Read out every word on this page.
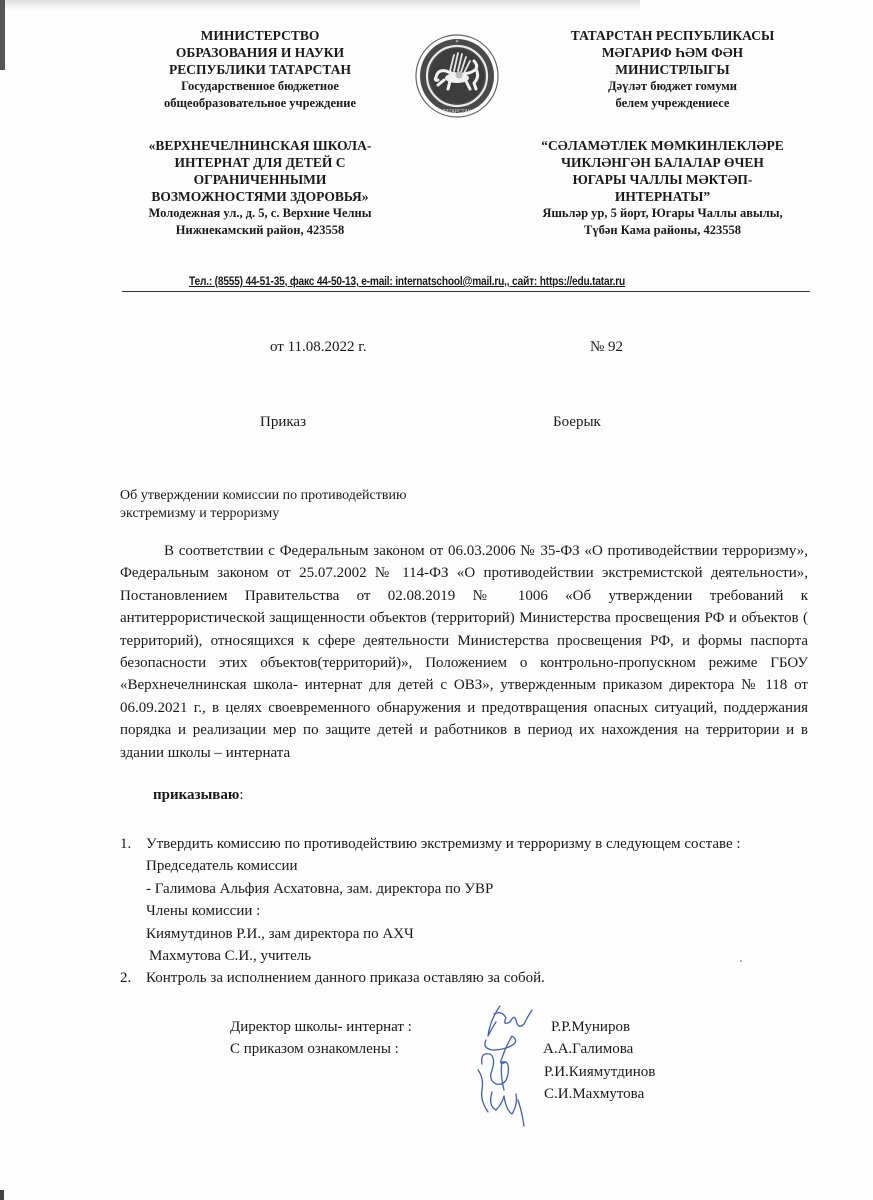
МИНИСТЕРСТВО
ОБРАЗОВАНИЯ И НАУКИ
РЕСПУБЛИКИ ТАТАРСТАН
Государственное бюджетное
общеобразовательное учреждение
ТАТАРСТАН РЕСПУБЛИКАСЫ
МӘГАРИФ ҺӘМ ФӘН
МИНИСТРЛЫГЫ
Дәүләт бюджет гомуми
белем учреждениесе
ТАТАРСТАН
✶
«ВЕРХНЕЧЕЛНИНСКАЯ ШКОЛА-
ИНТЕРНАТ ДЛЯ ДЕТЕЙ С
ОГРАНИЧЕННЫМИ
ВОЗМОЖНОСТЯМИ ЗДОРОВЬЯ»
Молодежная ул., д. 5, с. Верхние Челны
Нижнекамский район, 423558
“СӘЛАМӘТЛЕК МӨМКИНЛЕКЛӘРЕ
ЧИКЛӘНГӘН БАЛАЛАР ӨЧЕН
ЮГАРЫ ЧАЛЛЫ МӘКТӘП-
ИНТЕРНАТЫ”
Яшьләр ур, 5 йорт, Югары Чаллы авылы,
Түбән Кама районы, 423558
Тел.: (8555) 44-51-35, факс 44-50-13, e-mail: internatschool@mail.ru,, сайт: https://edu.tatar.ru
от 11.08.2022 г.	№ 92
Приказ	Боерык
Об утверждении комиссии по противодействию
экстремизму и терроризму

В соответствии с Федеральным законом от 06.03.2006 № 35-ФЗ «О противодействии терроризму», Федеральным законом от 25.07.2002 № 114-ФЗ «О противодействии экстремистской деятельности», Постановлением Правительства от 02.08.2019 № 1006 «Об утверждении требований к антитеррористической защищенности объектов (территорий) Министерства просвещения РФ и объектов ( территорий), относящихся к сфере деятельности Министерства просвещения РФ, и формы паспорта безопасности этих объектов(территорий)», Положением о контрольно-пропускном режиме ГБОУ «Верхнечелнинская школа- интернат для детей с ОВЗ», утвержденным приказом директора № 118 от 06.09.2021 г., в целях своевременного обнаружения и предотвращения опасных ситуаций, поддержания порядка и реализации мер по защите детей и работников в период их нахождения на территории и в здании школы – интерната

приказываю:
1. Утвердить комиссию по противодействию экстремизму и терроризму в следующем составе :
Председатель комиссии
- Галимова Альфия Асхатовна, зам. директора по УВР
Члены комиссии :
Киямутдинов Р.И., зам директора по АХЧ
Махмутова С.И., учитель
2. Контроль за исполнением данного приказа оставляю за собой.
Директор школы- интернат :
С приказом ознакомлены :
Р.Р.Муниров
А.А.Галимова
Р.И.Киямутдинов
С.И.Махмутова
